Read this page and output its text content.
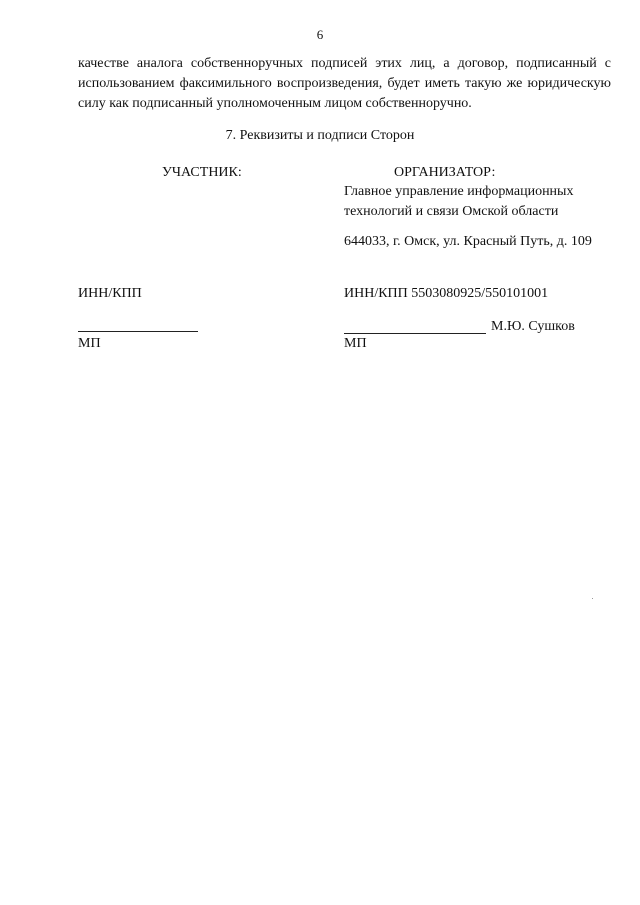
6
качестве аналога собственноручных подписей этих лиц, а договор, подписанный с использованием факсимильного воспроизведения, будет иметь такую же юридическую силу как подписанный уполномоченным лицом собственноручно.
7. Реквизиты и подписи Сторон
УЧАСТНИК:
ИНН/КПП
МП
ОРГАНИЗАТОР:
Главное управление информационных технологий и связи Омской области
644033, г. Омск, ул. Красный Путь, д. 109
ИНН/КПП 5503080925/550101001
М.Ю. Сушков
МП
